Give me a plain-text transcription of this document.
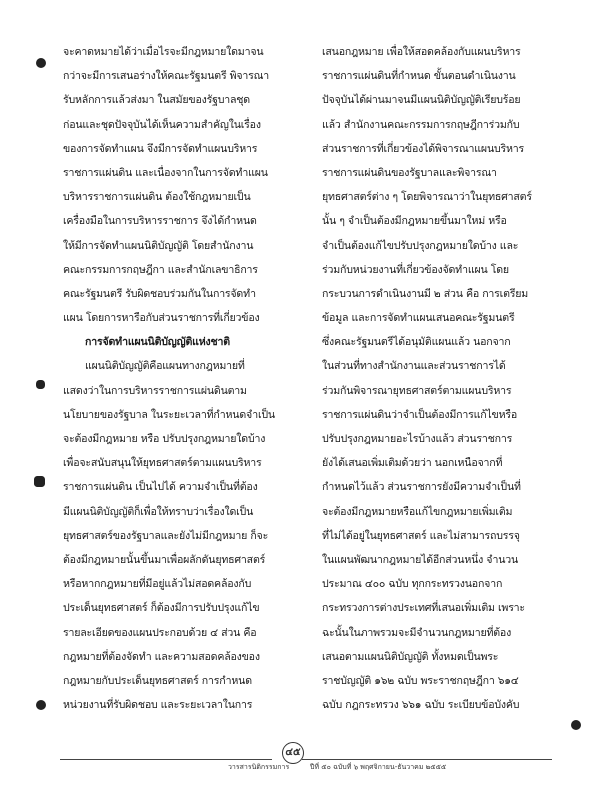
จะคาดหมายได้ว่าเมื่อไรจะมีกฎหมายใดมาจน
กว่าจะมีการเสนอร่างให้คณะรัฐมนตรี พิจารณา
รับหลักการแล้วส่งมา ในสมัยของรัฐบาลชุด
ก่อนและชุดปัจจุบันได้เห็นความสำคัญในเรื่อง
ของการจัดทำแผน จึงมีการจัดทำแผนบริหาร
ราชการแผ่นดิน และเนื่องจากในการจัดทำแผน
บริหารราชการแผ่นดิน ต้องใช้กฎหมายเป็น
เครื่องมือในการบริหารราชการ จึงได้กำหนด
ให้มีการจัดทำแผนนิติบัญญัติ โดยสำนักงาน
คณะกรรมการกฤษฎีกา และสำนักเลขาธิการ
คณะรัฐมนตรี รับผิดชอบร่วมกันในการจัดทำ
แผน โดยการหารือกับส่วนราชการที่เกี่ยวข้อง
การจัดทำแผนนิติบัญญัติแห่งชาติ
แผนนิติบัญญัติคือแผนทางกฎหมายที่
แสดงว่าในการบริหารราชการแผ่นดินตาม
นโยบายของรัฐบาล ในระยะเวลาที่กำหนดจำเป็น
จะต้องมีกฎหมาย หรือ ปรับปรุงกฎหมายใดบ้าง
เพื่อจะสนับสนุนให้ยุทธศาสตร์ตามแผนบริหาร
ราชการแผ่นดิน เป็นไปได้ ความจำเป็นที่ต้อง
มีแผนนิติบัญญัติก็เพื่อให้ทราบว่าเรื่องใดเป็น
ยุทธศาสตร์ของรัฐบาลและยังไม่มีกฎหมาย ก็จะ
ต้องมีกฎหมายนั้นขึ้นมาเพื่อผลักดันยุทธศาสตร์
หรือหากกฎหมายที่มีอยู่แล้วไม่สอดคล้องกับ
ประเด็นยุทธศาสตร์ ก็ต้องมีการปรับปรุงแก้ไข
รายละเอียดของแผนประกอบด้วย ๔ ส่วน คือ
กฎหมายที่ต้องจัดทำ และความสอดคล้องของ
กฎหมายกับประเด็นยุทธศาสตร์ การกำหนด
หน่วยงานที่รับผิดชอบ และระยะเวลาในการ
เสนอกฎหมาย เพื่อให้สอดคล้องกับแผนบริหาร
ราชการแผ่นดินที่กำหนด ขั้นตอนดำเนินงาน
ปัจจุบันได้ผ่านมาจนมีแผนนิติบัญญัติเรียบร้อย
แล้ว สำนักงานคณะกรรมการกฤษฎีการ่วมกับ
ส่วนราชการที่เกี่ยวข้องได้พิจารณาแผนบริหาร
ราชการแผ่นดินของรัฐบาลและพิจารณา
ยุทธศาสตร์ต่าง ๆ โดยพิจารณาว่าในยุทธศาสตร์
นั้น ๆ จำเป็นต้องมีกฎหมายขึ้นมาใหม่ หรือ
จำเป็นต้องแก้ไขปรับปรุงกฎหมายใดบ้าง และ
ร่วมกับหน่วยงานที่เกี่ยวข้องจัดทำแผน โดย
กระบวนการดำเนินงานมี ๒ ส่วน คือ การเตรียม
ข้อมูล และการจัดทำแผนเสนอคณะรัฐมนตรี
ซึ่งคณะรัฐมนตรีได้อนุมัติแผนแล้ว นอกจาก
ในส่วนที่ทางสำนักงานและส่วนราชการได้
ร่วมกันพิจารณายุทธศาสตร์ตามแผนบริหาร
ราชการแผ่นดินว่าจำเป็นต้องมีการแก้ไขหรือ
ปรับปรุงกฎหมายอะไรบ้างแล้ว ส่วนราชการ
ยังได้เสนอเพิ่มเติมด้วยว่า นอกเหนือจากที่
กำหนดไว้แล้ว ส่วนราชการยังมีความจำเป็นที่
จะต้องมีกฎหมายหรือแก้ไขกฎหมายเพิ่มเติม
ที่ไม่ได้อยู่ในยุทธศาสตร์ และไม่สามารถบรรจุ
ในแผนพัฒนากฎหมายได้อีกส่วนหนึ่ง จำนวน
ประมาณ ๔๐๐ ฉบับ ทุกกระทรวงนอกจาก
กระทรวงการต่างประเทศที่เสนอเพิ่มเติม เพราะ
ฉะนั้นในภาพรวมจะมีจำนวนกฎหมายที่ต้อง
เสนอตามแผนนิติบัญญัติ ทั้งหมดเป็นพระ
ราชบัญญัติ ๑๖๒ ฉบับ พระราชกฤษฎีกา ๖๑๔
ฉบับ กฎกระทรวง ๖๖๑ ฉบับ ระเบียบข้อบังคับ
วารสารนิติกรรมการ
๔๕
ปีที่ ๕๐ ฉบับที่ ๖ พฤศจิกายน-ธันวาคม ๒๕๕๕
